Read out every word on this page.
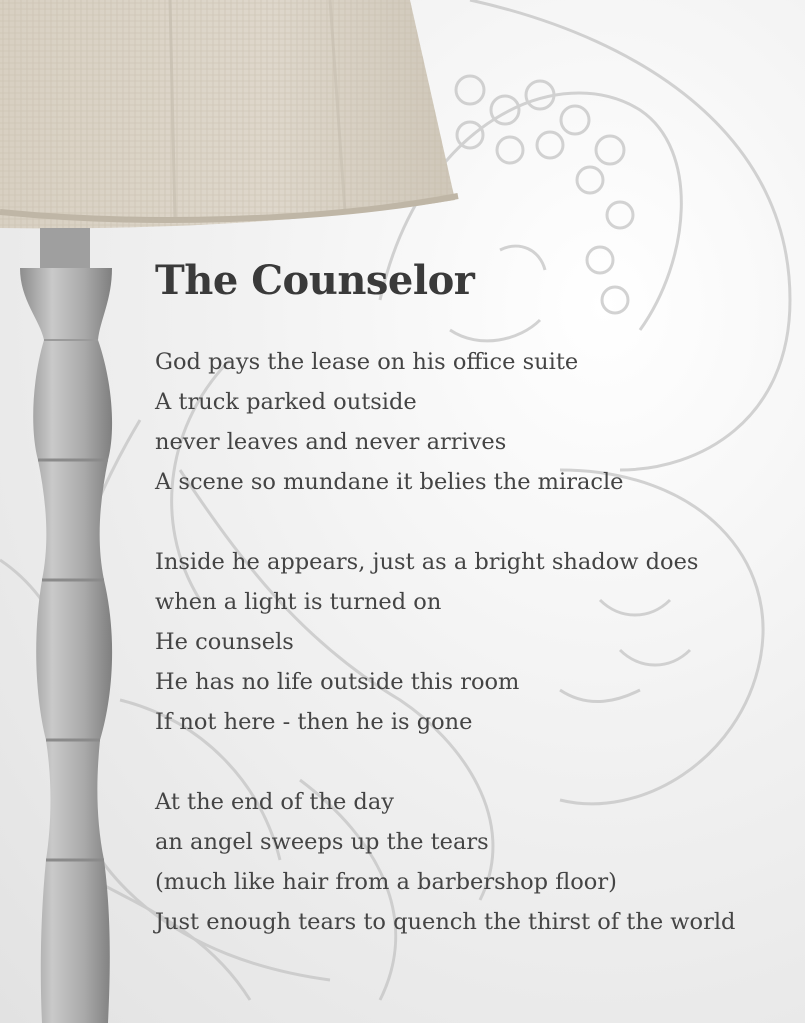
The Counselor
God pays the lease on his office suite
A truck parked outside
never leaves and never arrives
A scene so mundane it belies the miracle
Inside he appears, just as a bright shadow does
when a light is turned on
He counsels
He has no life outside this room
If not here - then he is gone
At the end of the day
an angel sweeps up the tears
(much like hair from a barbershop floor)
Just enough tears to quench the thirst of the world
